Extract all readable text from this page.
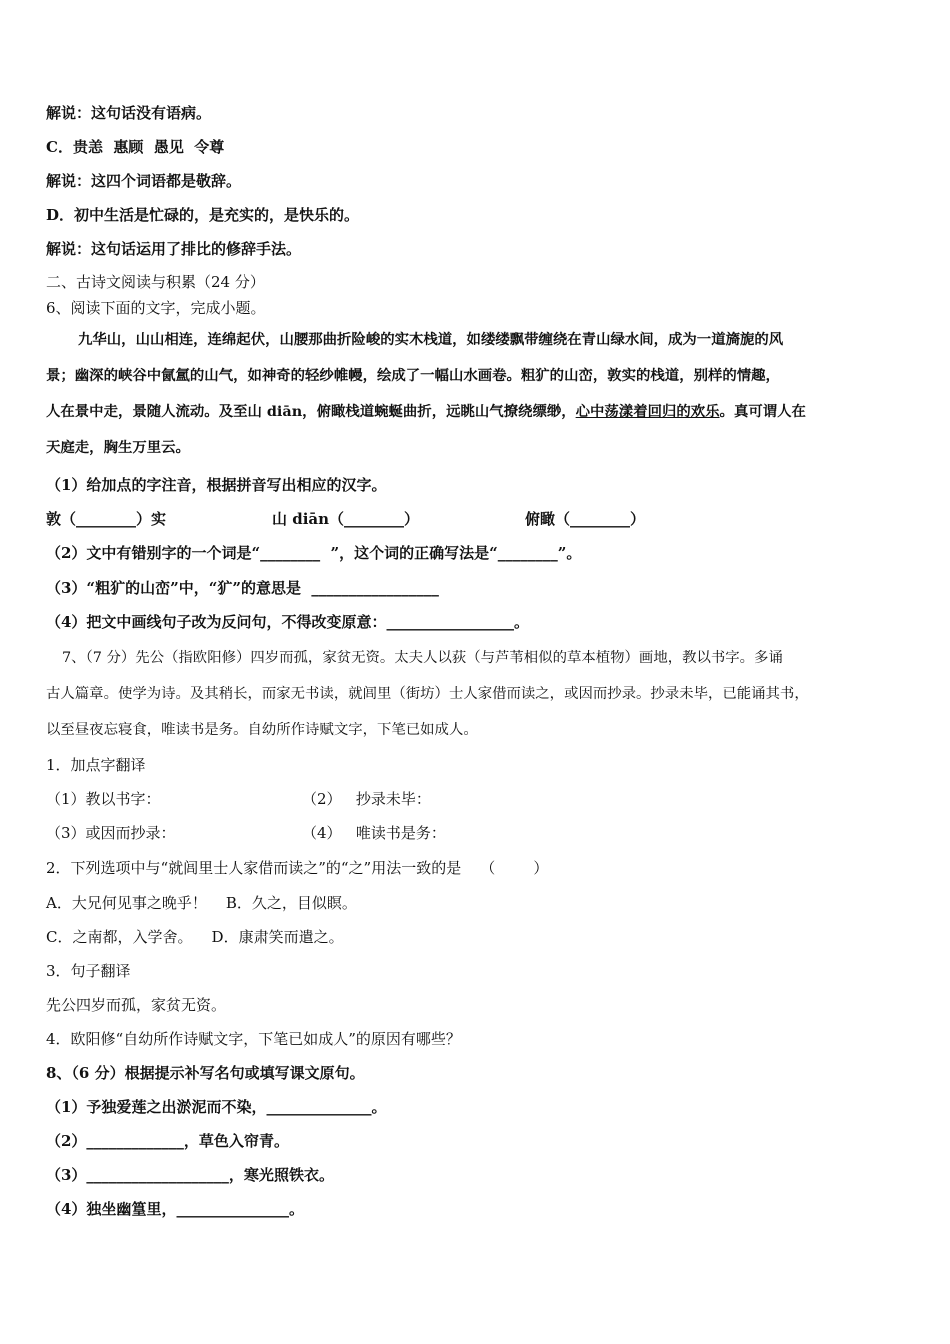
解说：这句话没有语病。
C．贵恙  惠顾  愚见  令尊
解说：这四个词语都是敬辞。
D．初中生活是忙碌的，是充实的，是快乐的。
解说：这句话运用了排比的修辞手法。
二、古诗文阅读与积累（24 分）
6、阅读下面的文字，完成小题。
九华山，山山相连，连绵起伏，山腰那曲折险峻的实木栈道，如缕缕飘带缠绕在青山绿水间，成为一道旖旎的风
景；幽深的峡谷中氤氲的山气，如神奇的轻纱帷幔，绘成了一幅山水画卷。粗犷的山峦，敦实的栈道，别样的情趣，
人在景中走，景随人流动。及至山 diān，俯瞰栈道蜿蜒曲折，远眺山气撩绕缥缈，心中荡漾着回归的欢乐。真可谓人在
天庭走，胸生万里云。
（1）给加点的字注音，根据拼音写出相应的汉字。
敦（________）实	山 diān（________）	俯瞰（________）
（2）文中有错别字的一个词是“________  ”，这个词的正确写法是“________”。
（3）“粗犷的山峦”中，“犷”的意思是  _________________
（4）把文中画线句子改为反问句，不得改变原意：_________________。
7、（7 分）先公（指欧阳修）四岁而孤，家贫无资。太夫人以荻（与芦苇相似的草本植物）画地，教以书字。多诵
古人篇章。使学为诗。及其稍长，而家无书读，就闾里（街坊）士人家借而读之，或因而抄录。抄录未毕，已能诵其书，
以至昼夜忘寝食，唯读书是务。自幼所作诗赋文字，下笔已如成人。
1．加点字翻译
（1）教以书字：	（2）   抄录未毕：
（3）或因而抄录：	（4）   唯读书是务：
2．下列选项中与“就闾里士人家借而读之”的“之”用法一致的是    （        ）
A．大兄何见事之晚乎！    B．久之，目似瞑。
C．之南都，入学舍。    D．康肃笑而遣之。
3．句子翻译
先公四岁而孤，家贫无资。
4．欧阳修“自幼所作诗赋文字，下笔已如成人”的原因有哪些？
8、（6 分）根据提示补写名句或填写课文原句。
（1）予独爱莲之出淤泥而不染，______________。
（2）_____________，草色入帘青。
（3）___________________，寒光照铁衣。
（4）独坐幽篁里，_______________。
